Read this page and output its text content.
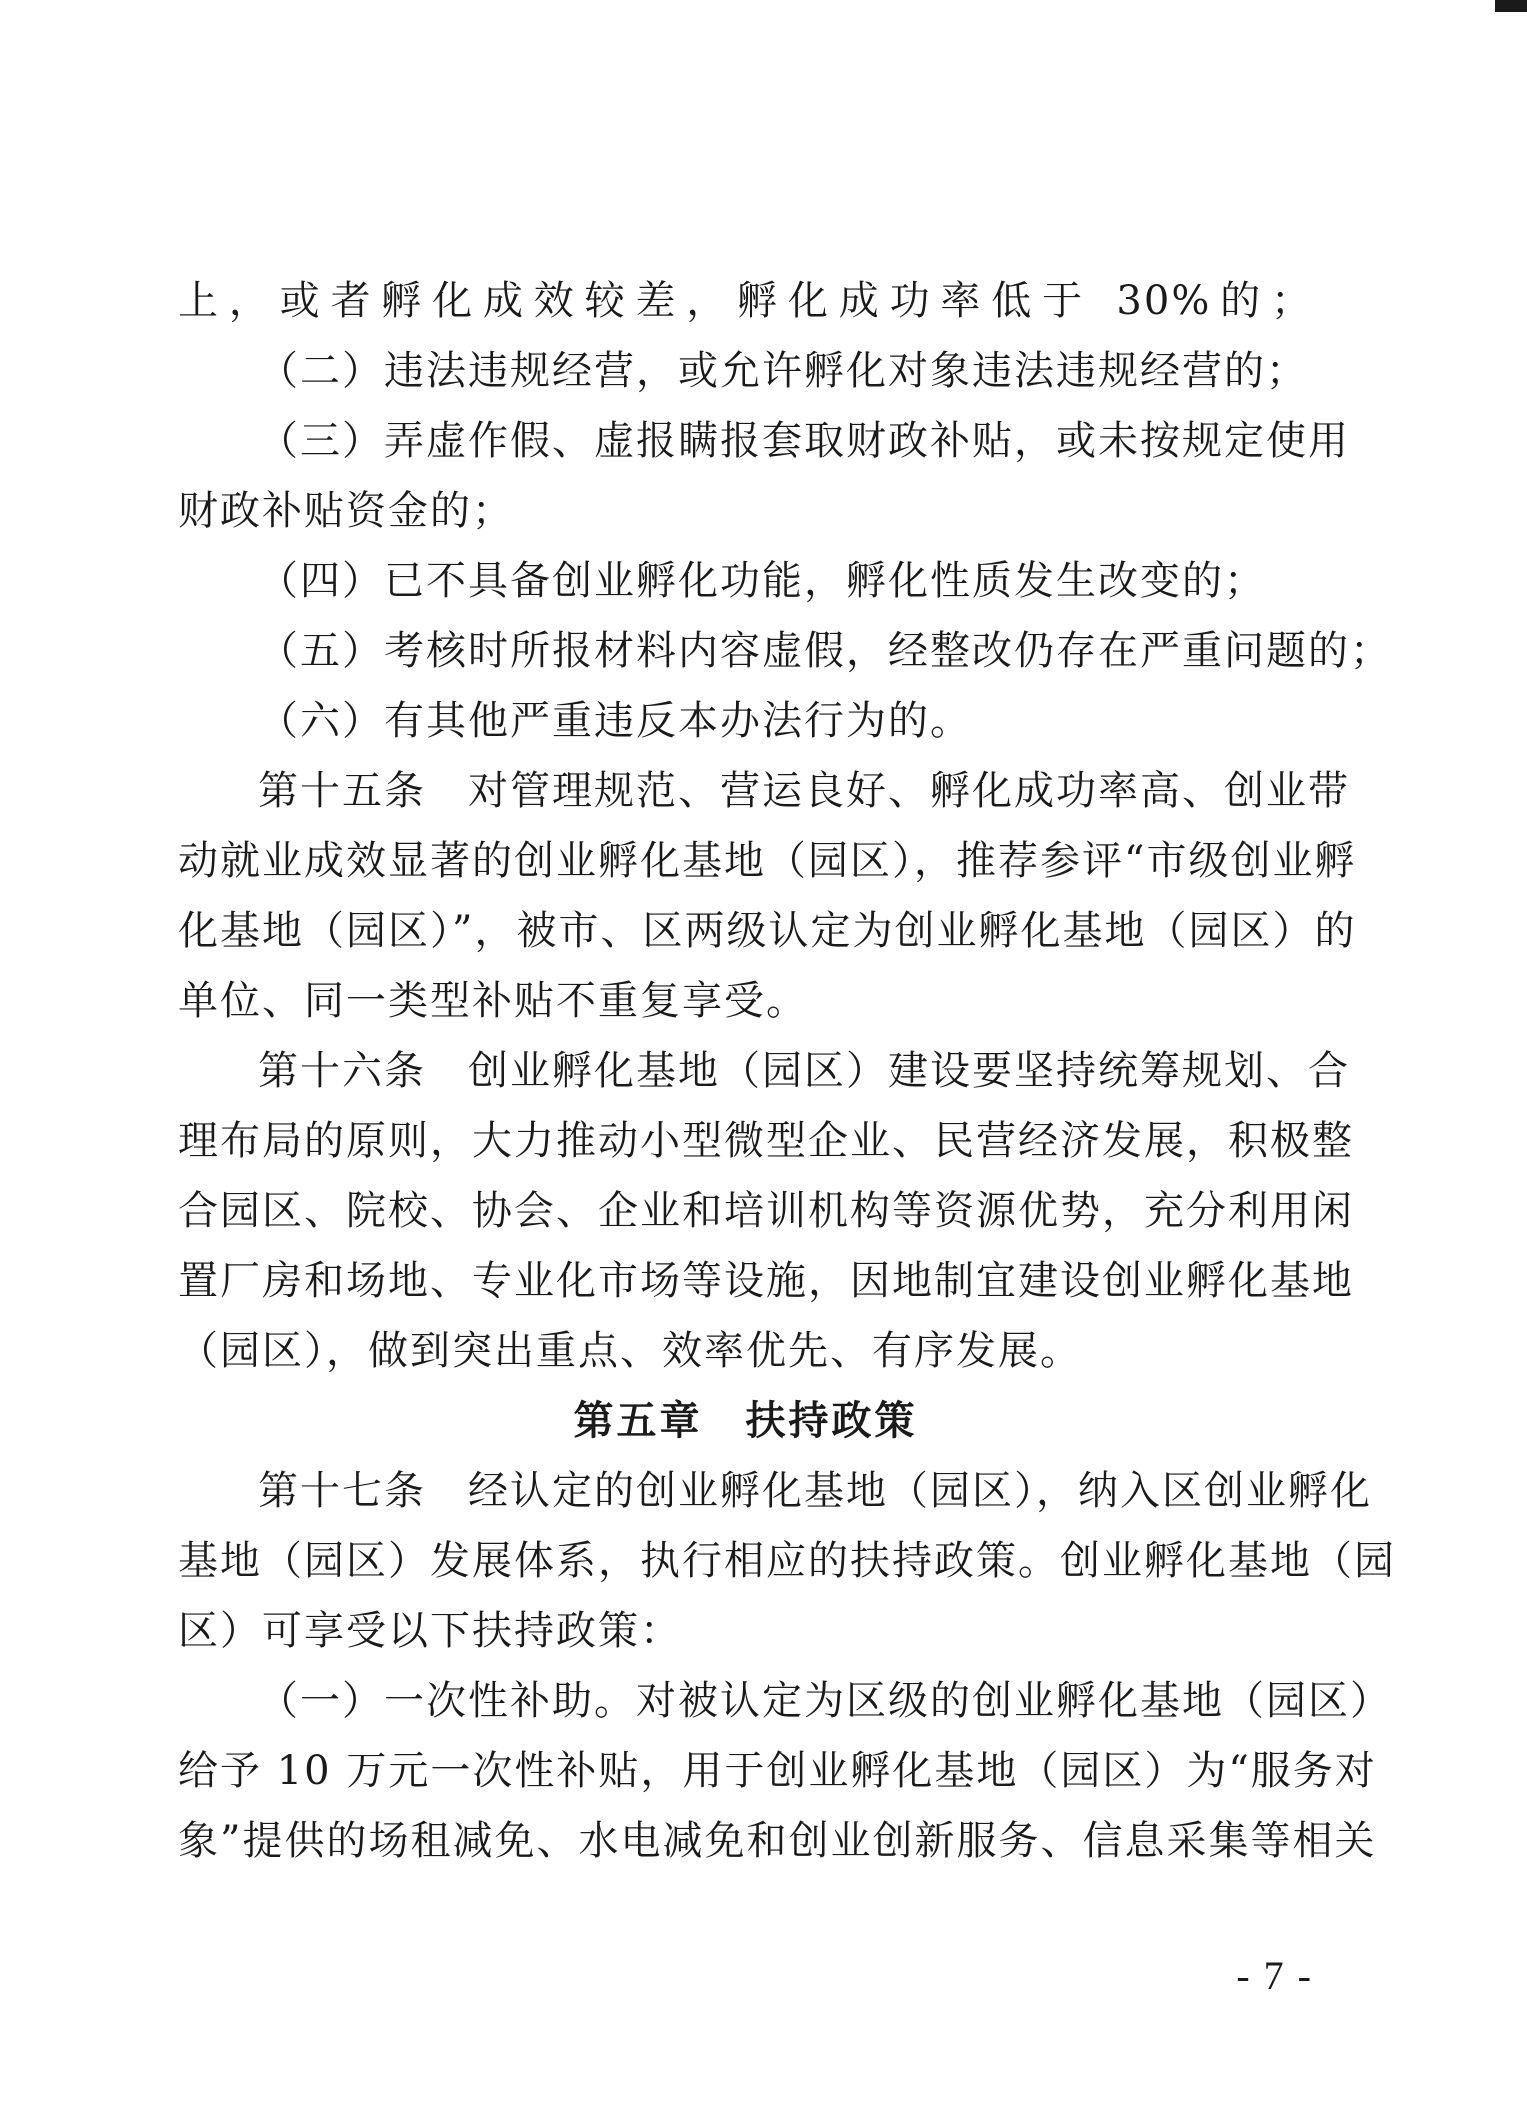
上，或者孵化成效较差，孵化成功率低于 30%的；
（二）违法违规经营，或允许孵化对象违法违规经营的；
（三）弄虚作假、虚报瞒报套取财政补贴，或未按规定使用
财政补贴资金的；
（四）已不具备创业孵化功能，孵化性质发生改变的；
（五）考核时所报材料内容虚假，经整改仍存在严重问题的；
（六）有其他严重违反本办法行为的。
第十五条　对管理规范、营运良好、孵化成功率高、创业带
动就业成效显著的创业孵化基地（园区），推荐参评“市级创业孵
化基地（园区）”，被市、区两级认定为创业孵化基地（园区）的
单位、同一类型补贴不重复享受。
第十六条　创业孵化基地（园区）建设要坚持统筹规划、合
理布局的原则，大力推动小型微型企业、民营经济发展，积极整
合园区、院校、协会、企业和培训机构等资源优势，充分利用闲
置厂房和场地、专业化市场等设施，因地制宜建设创业孵化基地
（园区），做到突出重点、效率优先、有序发展。
第五章　扶持政策
第十七条　经认定的创业孵化基地（园区），纳入区创业孵化
基地（园区）发展体系，执行相应的扶持政策。创业孵化基地（园
区）可享受以下扶持政策：
（一）一次性补助。对被认定为区级的创业孵化基地（园区）
给予 10 万元一次性补贴，用于创业孵化基地（园区）为“服务对
象”提供的场租减免、水电减免和创业创新服务、信息采集等相关
- 7 -
